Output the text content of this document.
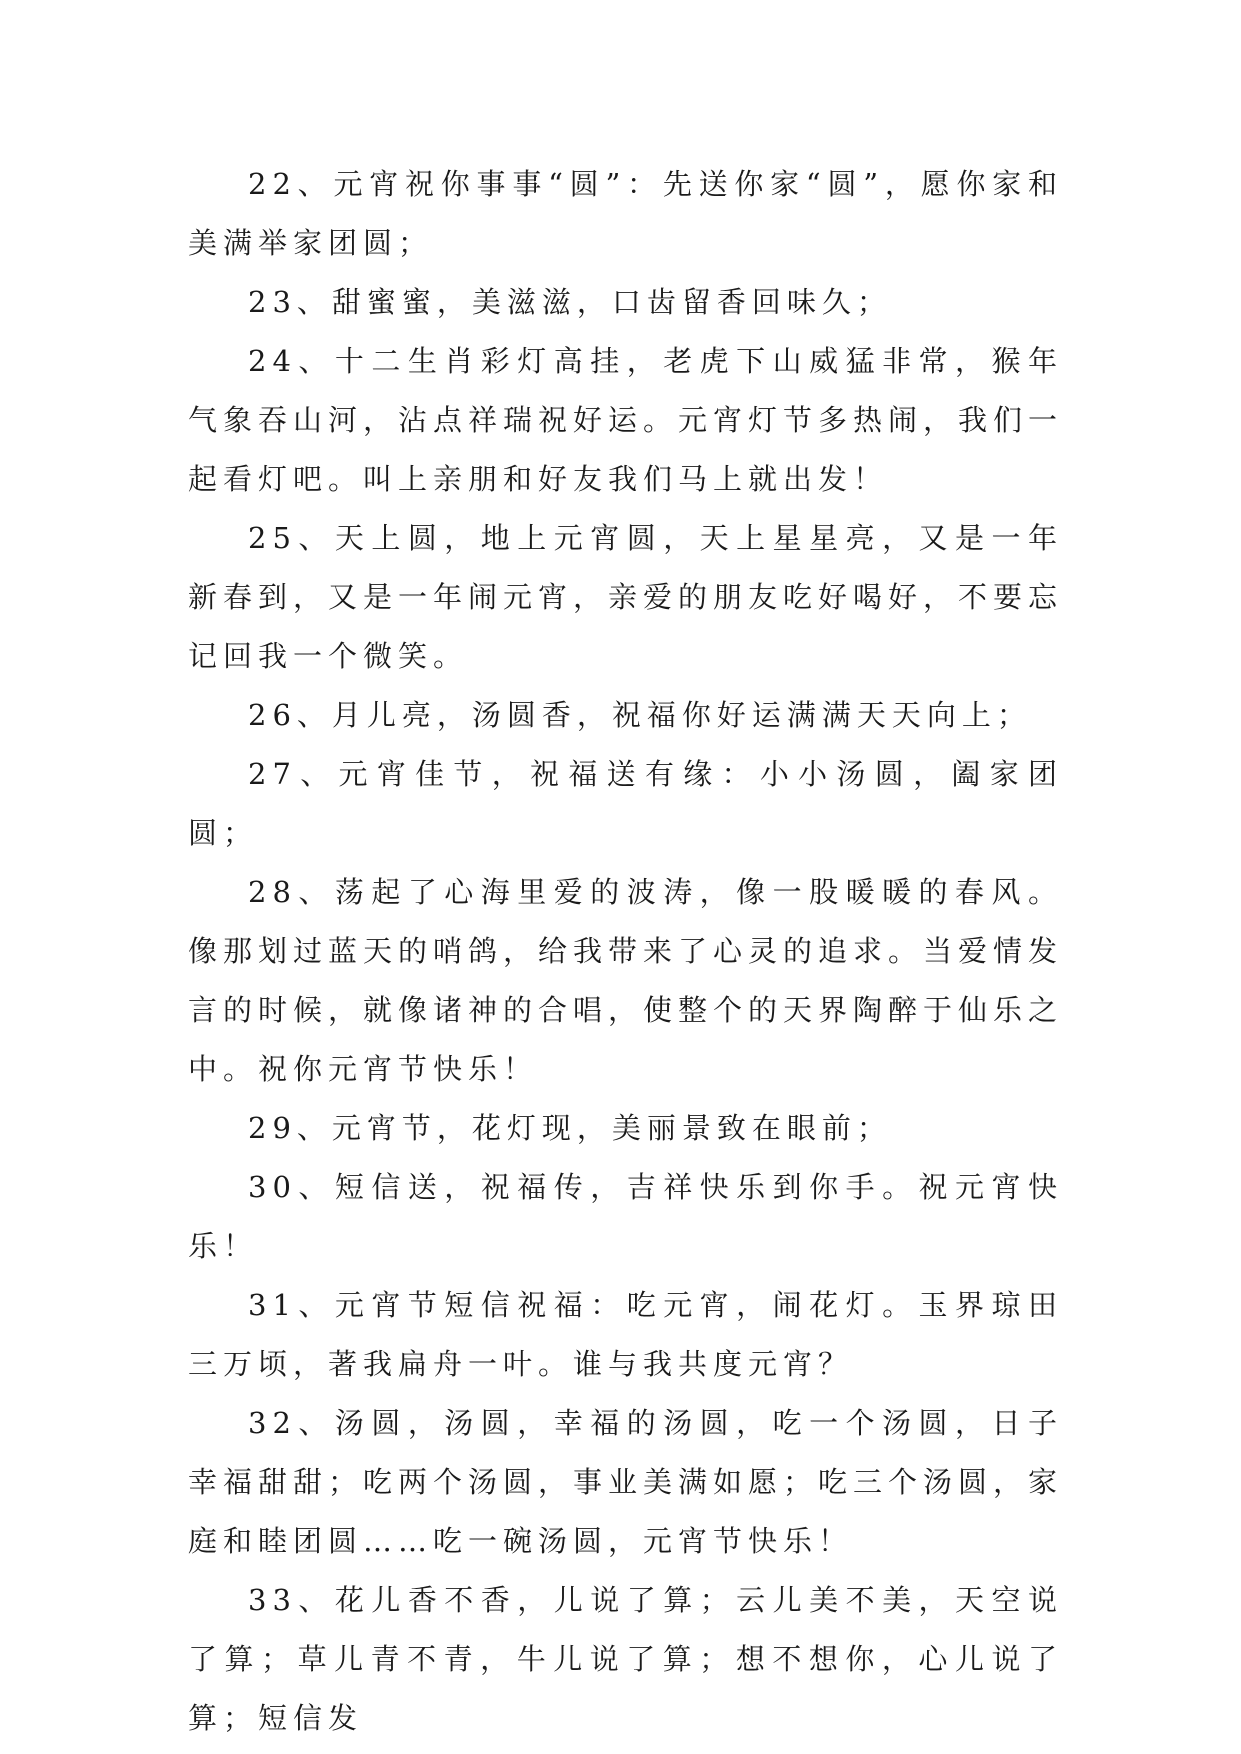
22、元宵祝你事事“圆”：先送你家“圆”，愿你家和美满举家团圆；

23、甜蜜蜜，美滋滋，口齿留香回味久；

24、十二生肖彩灯高挂，老虎下山威猛非常，猴年气象吞山河，沾点祥瑞祝好运。元宵灯节多热闹，我们一起看灯吧。叫上亲朋和好友我们马上就出发！

25、天上圆，地上元宵圆，天上星星亮，又是一年新春到，又是一年闹元宵，亲爱的朋友吃好喝好，不要忘记回我一个微笑。

26、月儿亮，汤圆香，祝福你好运满满天天向上；

27、元宵佳节，祝福送有缘：小小汤圆，阖家团圆；

28、荡起了心海里爱的波涛，像一股暖暖的春风。像那划过蓝天的哨鸽，给我带来了心灵的追求。当爱情发言的时候，就像诸神的合唱，使整个的天界陶醉于仙乐之中。祝你元宵节快乐！

29、元宵节，花灯现，美丽景致在眼前；

30、短信送，祝福传，吉祥快乐到你手。祝元宵快乐！

31、元宵节短信祝福：吃元宵，闹花灯。玉界琼田三万顷，著我扁舟一叶。谁与我共度元宵？

32、汤圆，汤圆，幸福的汤圆，吃一个汤圆，日子幸福甜甜；吃两个汤圆，事业美满如愿；吃三个汤圆，家庭和睦团圆……吃一碗汤圆，元宵节快乐！

33、花儿香不香，儿说了算；云儿美不美，天空说了算；草儿青不青，牛儿说了算；想不想你，心儿说了算；短信发
